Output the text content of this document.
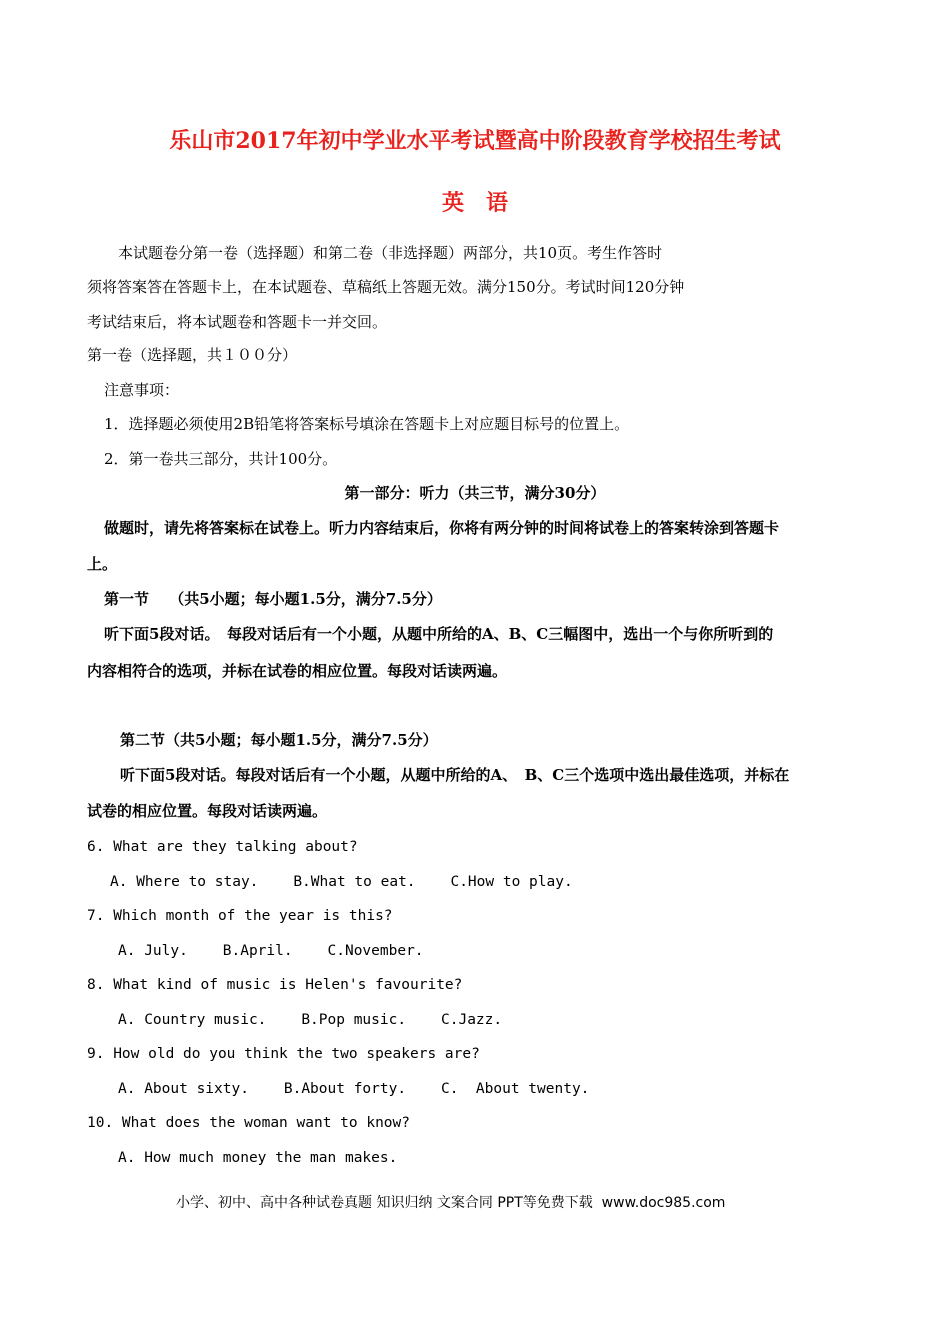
乐山市2017年初中学业水平考试暨高中阶段教育学校招生考试
英　语
本试题卷分第一卷（选择题）和第二卷（非选择题）两部分，共10页。考生作答时
须将答案答在答题卡上，在本试题卷、草稿纸上答题无效。满分150分。考试时间120分钟
考试结束后，将本试题卷和答题卡一并交回。
第一卷（选择题，共１００分）
注意事项：
1．选择题必须使用2B铅笔将答案标号填涂在答题卡上对应题目标号的位置上。
2．第一卷共三部分，共计100分。
第一部分：听力（共三节，满分30分）
做题时，请先将答案标在试卷上。听力内容结束后，你将有两分钟的时间将试卷上的答案转涂到答题卡
上。
第一节　 （共5小题；每小题1.5分，满分7.5分）
听下面5段对话。　每段对话后有一个小题，从题中所给的A、B、C三幅图中，选出一个与你所听到的
内容相符合的选项，并标在试卷的相应位置。每段对话读两遍。
第二节（共5小题；每小题1.5分，满分7.5分）
听下面5段对话。每段对话后有一个小题，从题中所给的A、　B、C三个选项中选出最佳选项，并标在
试卷的相应位置。每段对话读两遍。
6. What are they talking about?
A. Where to stay.    B.What to eat.    C.How to play.
7. Which month of the year is this?
A. July.    B.April.    C.November.
8. What kind of music is Helen's favourite?
A. Country music.    B.Pop music.    C.Jazz.
9. How old do you think the two speakers are?
A. About sixty.    B.About forty.    C.  About twenty.
10. What does the woman want to know?
A. How much money the man makes.
小学、初中、高中各种试卷真题 知识归纳 文案合同 PPT等免费下载  www.doc985.com
